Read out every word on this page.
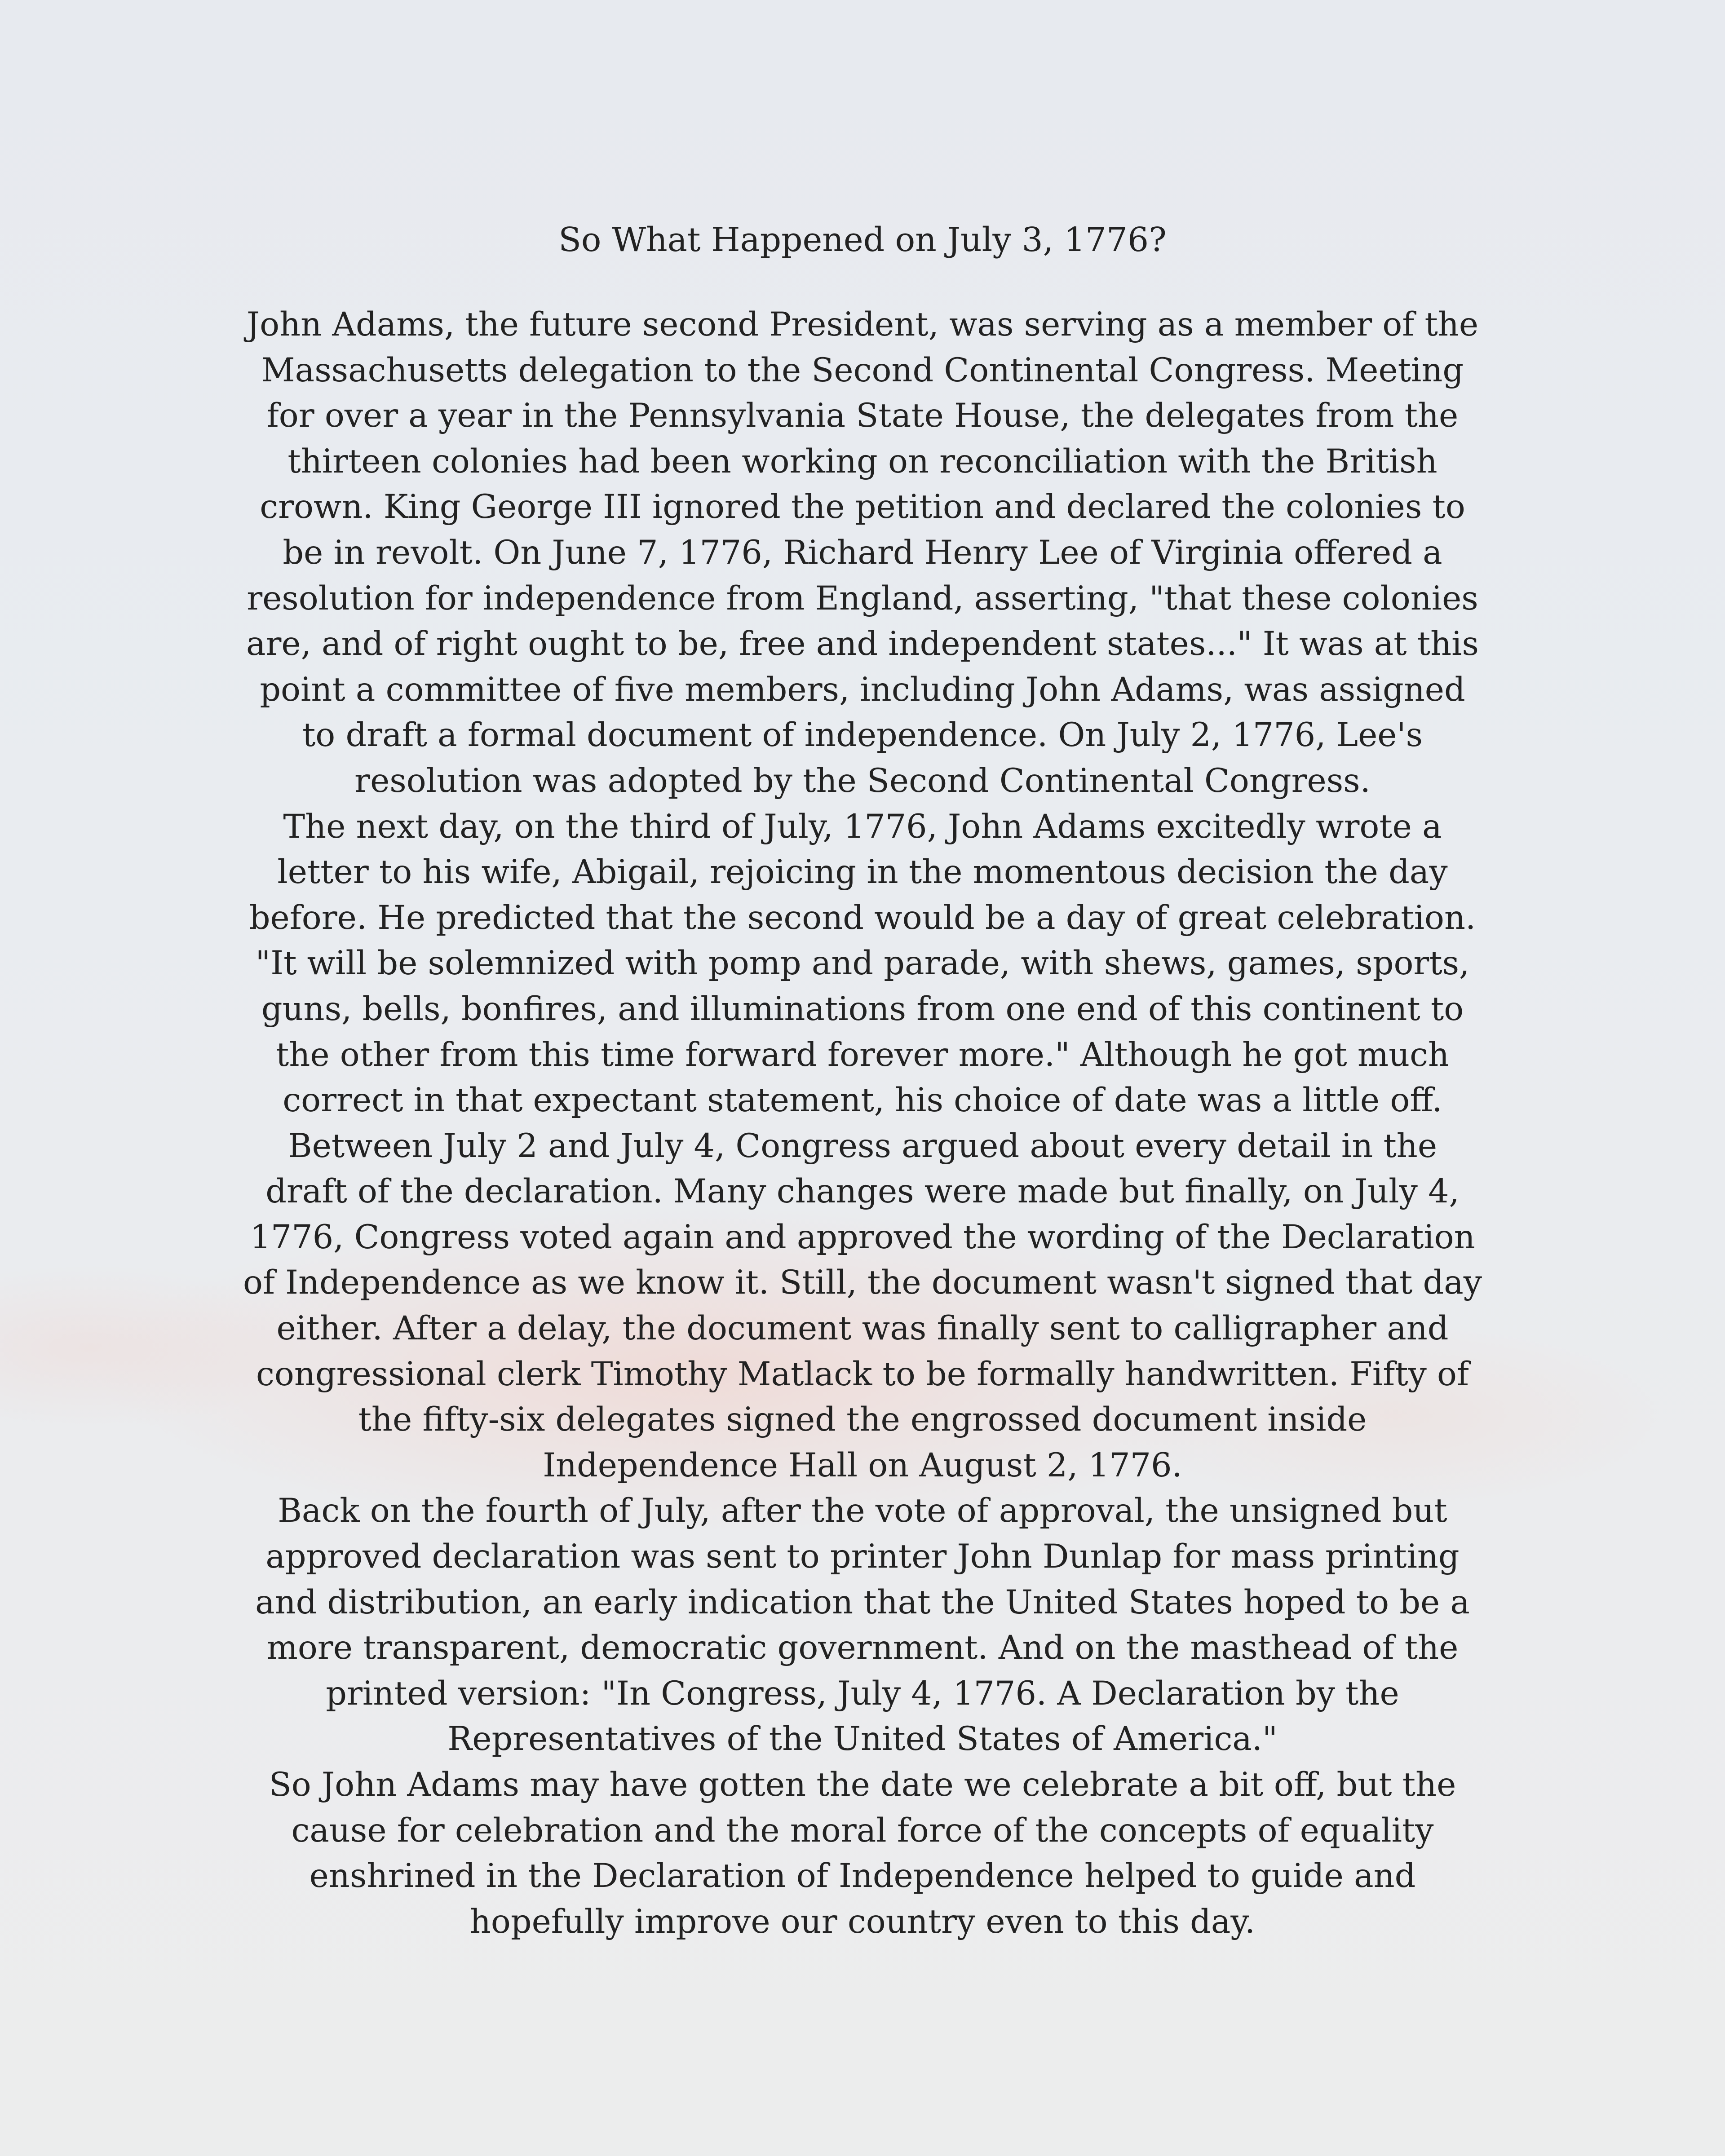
So What Happened on July 3, 1776?

John Adams, the future second President, was serving as a member of the Massachusetts delegation to the Second Continental Congress. Meeting for over a year in the Pennsylvania State House, the delegates from the thirteen colonies had been working on reconciliation with the British crown. King George III ignored the petition and declared the colonies to be in revolt. On June 7, 1776, Richard Henry Lee of Virginia offered a resolution for independence from England, asserting, "that these colonies are, and of right ought to be, free and independent states..." It was at this point a committee of five members, including John Adams, was assigned to draft a formal document of independence. On July 2, 1776, Lee's resolution was adopted by the Second Continental Congress.

The next day, on the third of July, 1776, John Adams excitedly wrote a letter to his wife, Abigail, rejoicing in the momentous decision the day before. He predicted that the second would be a day of great celebration. "It will be solemnized with pomp and parade, with shews, games, sports, guns, bells, bonfires, and illuminations from one end of this continent to the other from this time forward forever more." Although he got much correct in that expectant statement, his choice of date was a little off.

Between July 2 and July 4, Congress argued about every detail in the draft of the declaration. Many changes were made but finally, on July 4, 1776, Congress voted again and approved the wording of the Declaration of Independence as we know it. Still, the document wasn't signed that day either. After a delay, the document was finally sent to calligrapher and congressional clerk Timothy Matlack to be formally handwritten. Fifty of the fifty-six delegates signed the engrossed document inside Independence Hall on August 2, 1776.

Back on the fourth of July, after the vote of approval, the unsigned but approved declaration was sent to printer John Dunlap for mass printing and distribution, an early indication that the United States hoped to be a more transparent, democratic government. And on the masthead of the printed version: "In Congress, July 4, 1776. A Declaration by the Representatives of the United States of America."

So John Adams may have gotten the date we celebrate a bit off, but the cause for celebration and the moral force of the concepts of equality enshrined in the Declaration of Independence helped to guide and hopefully improve our country even to this day.
